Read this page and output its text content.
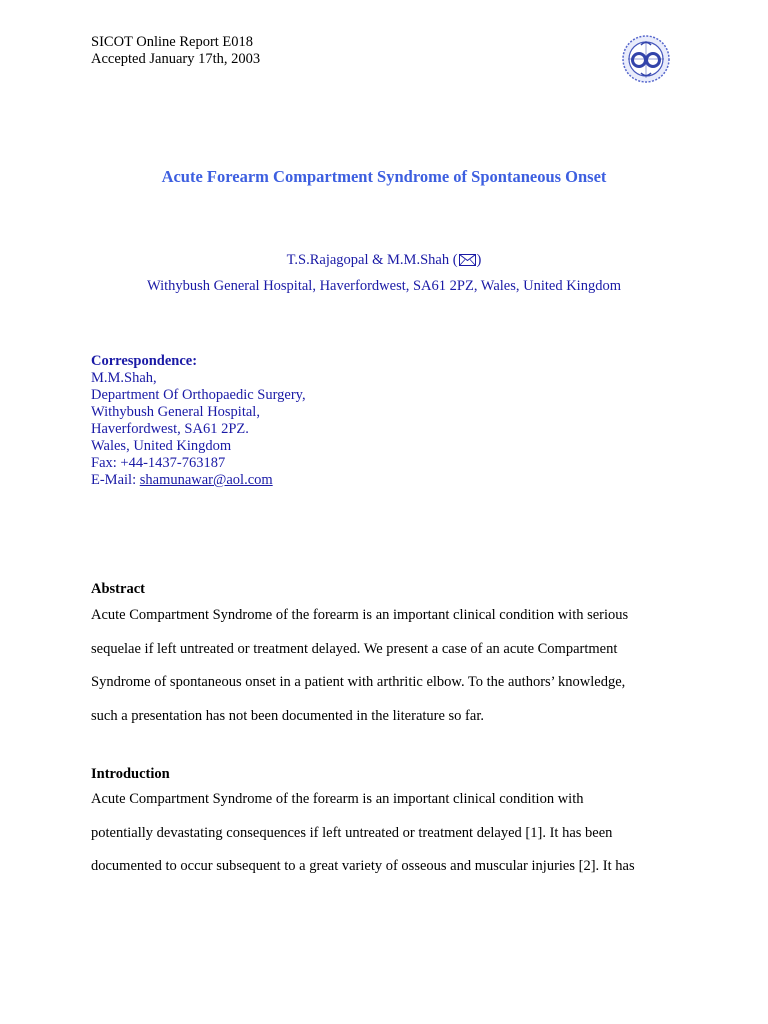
SICOT Online Report E018
Accepted January 17th, 2003
Acute Forearm Compartment Syndrome of Spontaneous Onset
T.S.Rajagopal & M.M.Shah ( )
Withybush General Hospital, Haverfordwest, SA61 2PZ, Wales, United Kingdom
Correspondence:
M.M.Shah,
Department Of Orthopaedic Surgery,
Withybush General Hospital,
Haverfordwest, SA61 2PZ.
Wales, United Kingdom
Fax: +44-1437-763187
E-Mail: shamunawar@aol.com
Abstract
Acute Compartment Syndrome of the forearm is an important clinical condition with serious
sequelae if left untreated or treatment delayed. We present a case of an acute Compartment
Syndrome of spontaneous onset in a patient with arthritic elbow. To the authors’ knowledge,
such a presentation has not been documented in the literature so far.
Introduction
Acute Compartment Syndrome of the forearm is an important clinical condition with
potentially devastating consequences if left untreated or treatment delayed [1]. It has been
documented to occur subsequent to a great variety of osseous and muscular injuries [2]. It has
